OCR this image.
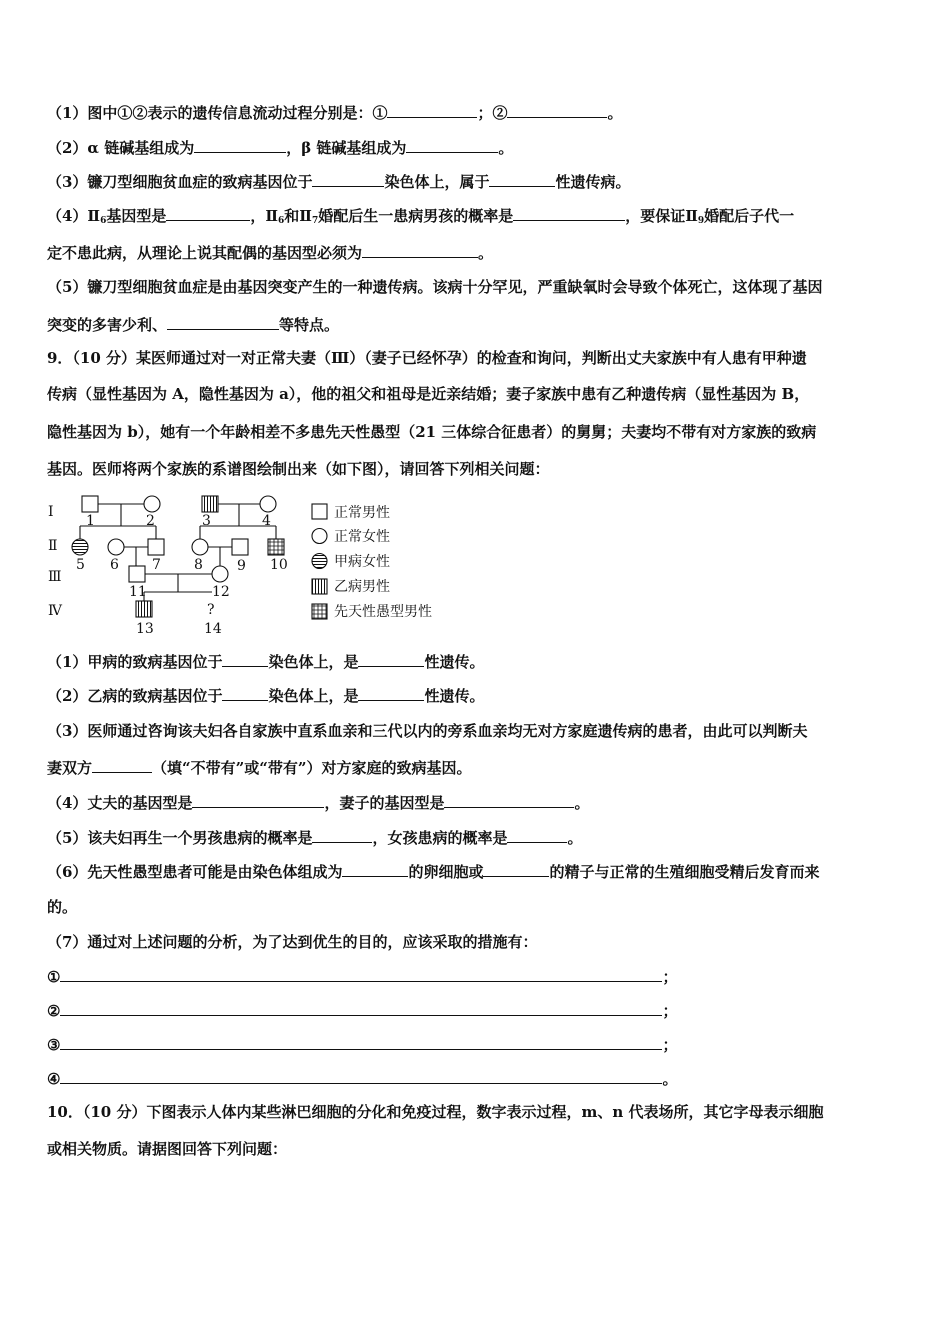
（1）图中①②表示的遗传信息流动过程分别是：①	；②	。
（2）α 链碱基组成为	，β 链碱基组成为	。
（3）镰刀型细胞贫血症的致病基因位于	染色体上，属于	性遗传病。
$(4)Ⅱ_6$基因型是	，$Ⅱ_6$和$Ⅱ_7$婚配后生一患病男孩的概率是	，要保证$Ⅱ_9$婚配后子代一
定不患此病，从理论上说其配偶的基因型必须为	。
（5）镰刀型细胞贫血症是由基因突变产生的一种遗传病。该病十分罕见，严重缺氧时会导致个体死亡，这体现了基因
突变的多害少利、	等特点。
9．（10 分）某医师通过对一对正常夫妻（Ⅲ）（妻子已经怀孕）的检查和询问，判断出丈夫家族中有人患有甲种遗
传病（显性基因为 A，隐性基因为 a），他的祖父和祖母是近亲结婚；妻子家族中患有乙种遗传病（显性基因为 B，
隐性基因为 b），她有一个年龄相差不多患先天性愚型（21 三体综合征患者）的舅舅；夫妻均不带有对方家族的致病
基因。医师将两个家族的系谱图绘制出来（如下图），请回答下列相关问题：
Ⅰ
Ⅱ
Ⅲ
Ⅳ	?
1	2	3	4
5 6 7 8 9 10
11	12
13	14
正常男性
正常女性
甲病女性
乙病男性
先天性愚型男性
（1）甲病的致病基因位于	染色体上，是	性遗传。
（2）乙病的致病基因位于	染色体上，是	性遗传。
（3）医师通过咨询该夫妇各自家族中直系血亲和三代以内的旁系血亲均无对方家庭遗传病的患者，由此可以判断夫
妻双方	（填“不带有”或“带有”）对方家庭的致病基因。
（4）丈夫的基因型是	，妻子的基因型是	。
（5）该夫妇再生一个男孩患病的概率是	，女孩患病的概率是	。
（6）先天性愚型患者可能是由染色体组成为	的卵细胞或	的精子与正常的生殖细胞受精后发育而来
的。
（7）通过对上述问题的分析，为了达到优生的目的，应该采取的措施有：
①	；
②	；
③	；
④	。
10．（10 分）下图表示人体内某些淋巴细胞的分化和免疫过程，数字表示过程，m、n 代表场所，其它字母表示细胞
或相关物质。请据图回答下列问题：
